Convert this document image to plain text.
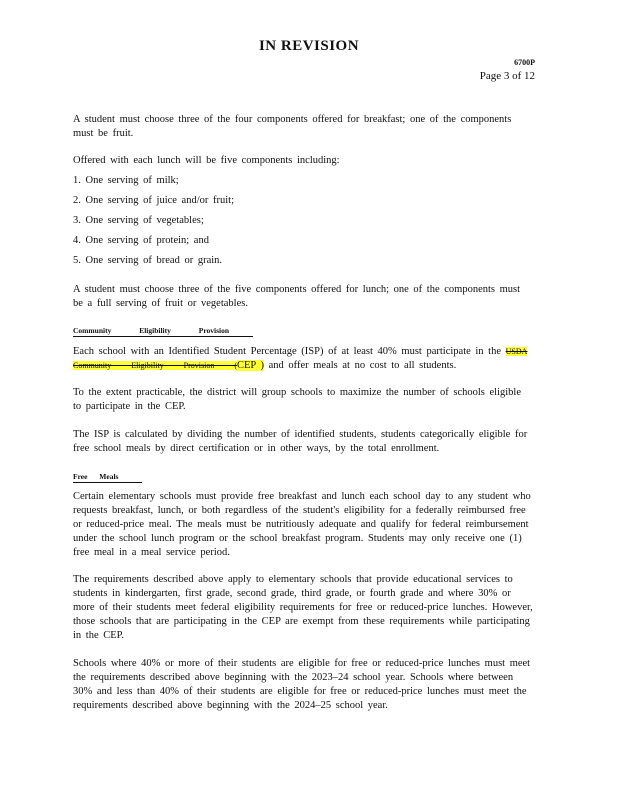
IN REVISION
6700P
Page 3 of 12

A student must choose three of the four components offered for breakfast; one of the components must be fruit.

Offered with each lunch will be five components including:

1. One serving of milk;
2. One serving of juice and/or fruit;
3. One serving of vegetables;
4. One serving of protein; and
5. One serving of bread or grain.

A student must choose three of the five components offered for lunch; one of the components must be a full serving of fruit or vegetables.

Community Eligibility Provision

Each school with an Identified Student Percentage (ISP) of at least 40% must participate in the USDA Community Eligibility Provision (CEP ) and offer meals at no cost to all students.

To the extent practicable, the district will group schools to maximize the number of schools eligible to participate in the CEP.

The ISP is calculated by dividing the number of identified students, students categorically eligible for free school meals by direct certification or in other ways, by the total enrollment.

Free Meals

Certain elementary schools must provide free breakfast and lunch each school day to any student who requests breakfast, lunch, or both regardless of the student's eligibility for a federally reimbursed free or reduced-price meal. The meals must be nutritiously adequate and qualify for federal reimbursement under the school lunch program or the school breakfast program. Students may only receive one (1) free meal in a meal service period.

The requirements described above apply to elementary schools that provide educational services to students in kindergarten, first grade, second grade, third grade, or fourth grade and where 30% or more of their students meet federal eligibility requirements for free or reduced-price lunches. However, those schools that are participating in the CEP are exempt from these requirements while participating in the CEP.

Schools where 40% or more of their students are eligible for free or reduced-price lunches must meet the requirements described above beginning with the 2023–24 school year. Schools where between 30% and less than 40% of their students are eligible for free or reduced-price lunches must meet the requirements described above beginning with the 2024–25 school year.
